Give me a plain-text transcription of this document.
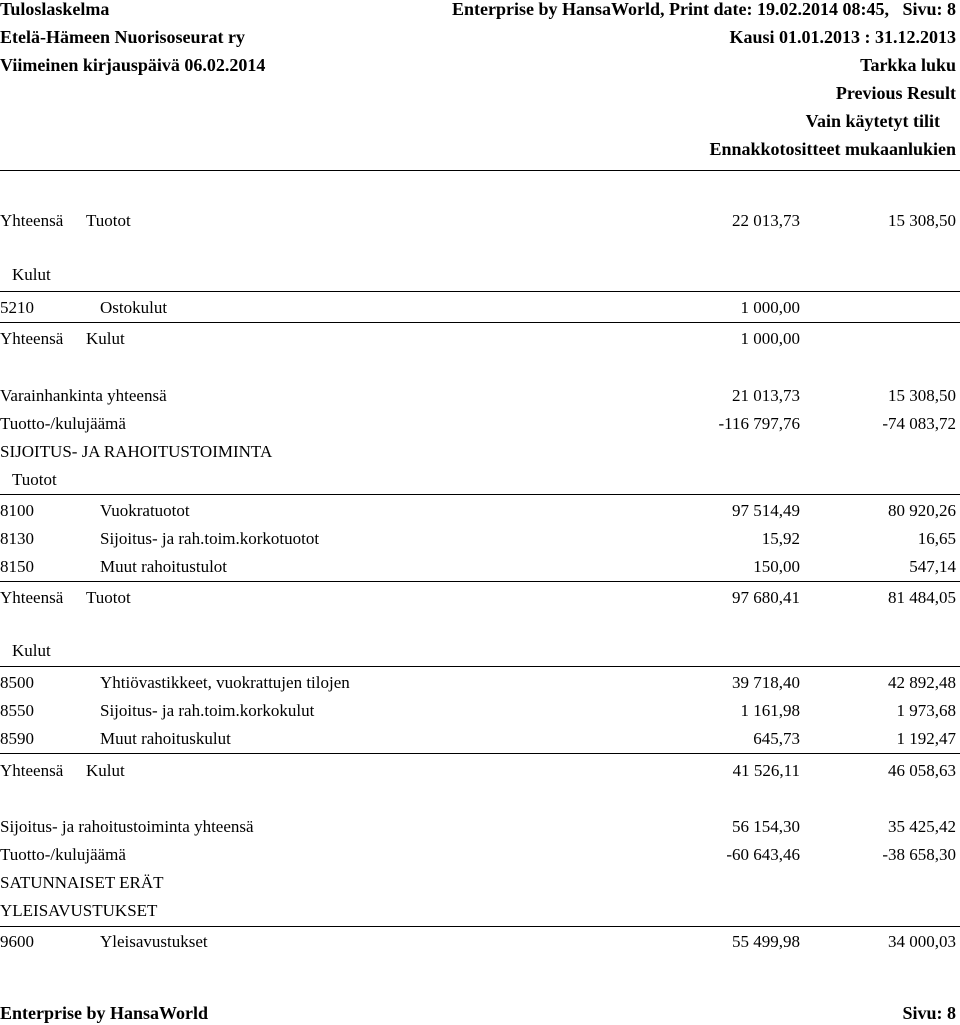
Tuloslaskelma	Enterprise by HansaWorld, Print date: 19.02.2014 08:45,   Sivu: 8
Etelä-Hämeen Nuorisoseurat ry	Kausi 01.01.2013 : 31.12.2013
Viimeinen kirjauspäivä 06.02.2014	Tarkka luku
Previous Result
Vain käytetyt tilit
Ennakkotositteet mukaanlukien
Yhteensä Tuotot	22 013,73	15 308,50
Kulut
5210	Ostokulut	1 000,00
Yhteensä Kulut	1 000,00
Varainhankinta yhteensä	21 013,73	15 308,50
Tuotto-/kulujäämä	-116 797,76	-74 083,72
SIJOITUS- JA RAHOITUSTOIMINTA
Tuotot
8100	Vuokratuotot	97 514,49	80 920,26
8130	Sijoitus- ja rah.toim.korkotuotot	15,92	16,65
8150	Muut rahoitustulot	150,00	547,14
Yhteensä Tuotot	97 680,41	81 484,05
Kulut
8500	Yhtiövastikkeet, vuokrattujen tilojen	39 718,40	42 892,48
8550	Sijoitus- ja rah.toim.korkokulut	1 161,98	1 973,68
8590	Muut rahoituskulut	645,73	1 192,47
Yhteensä Kulut	41 526,11	46 058,63
Sijoitus- ja rahoitustoiminta yhteensä	56 154,30	35 425,42
Tuotto-/kulujäämä	-60 643,46	-38 658,30
SATUNNAISET ERÄT
YLEISAVUSTUKSET
9600	Yleisavustukset	55 499,98	34 000,03
Enterprise by HansaWorld	Sivu: 8
